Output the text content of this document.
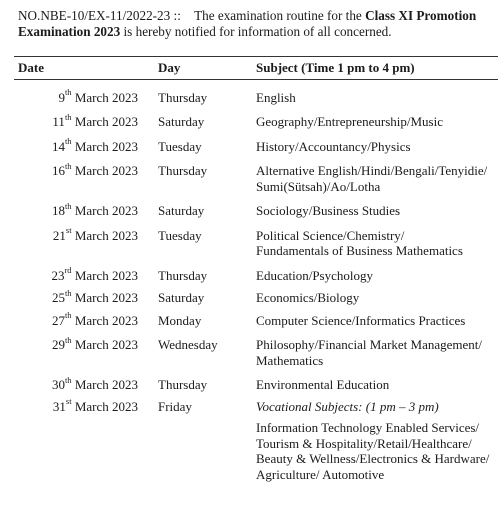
NO.NBE-10/EX-11/2022-23 :: The examination routine for the Class XI Promotion Examination 2023 is hereby notified for information of all concerned.
Date	Day	Subject (Time 1 pm to 4 pm)
9th March 2023	Thursday	English
11th March 2023	Saturday	Geography/Entrepreneurship/Music
14th March 2023	Tuesday	History/Accountancy/Physics
16th March 2023	Thursday	Alternative English/Hindi/Bengali/Tenyidie/
Sumi(Sütsah)/Ao/Lotha
18th March 2023	Saturday	Sociology/Business Studies
21st March 2023	Tuesday	Political Science/Chemistry/
Fundamentals of Business Mathematics
23rd March 2023	Thursday	Education/Psychology
25th March 2023	Saturday	Economics/Biology
27th March 2023	Monday	Computer Science/Informatics Practices
29th March 2023	Wednesday	Philosophy/Financial Market Management/
Mathematics
30th March 2023	Thursday	Environmental Education
31st March 2023	Friday	Vocational Subjects: (1 pm – 3 pm)
		Information Technology Enabled Services/
Tourism & Hospitality/Retail/Healthcare/
Beauty & Wellness/Electronics & Hardware/
Agriculture/ Automotive
